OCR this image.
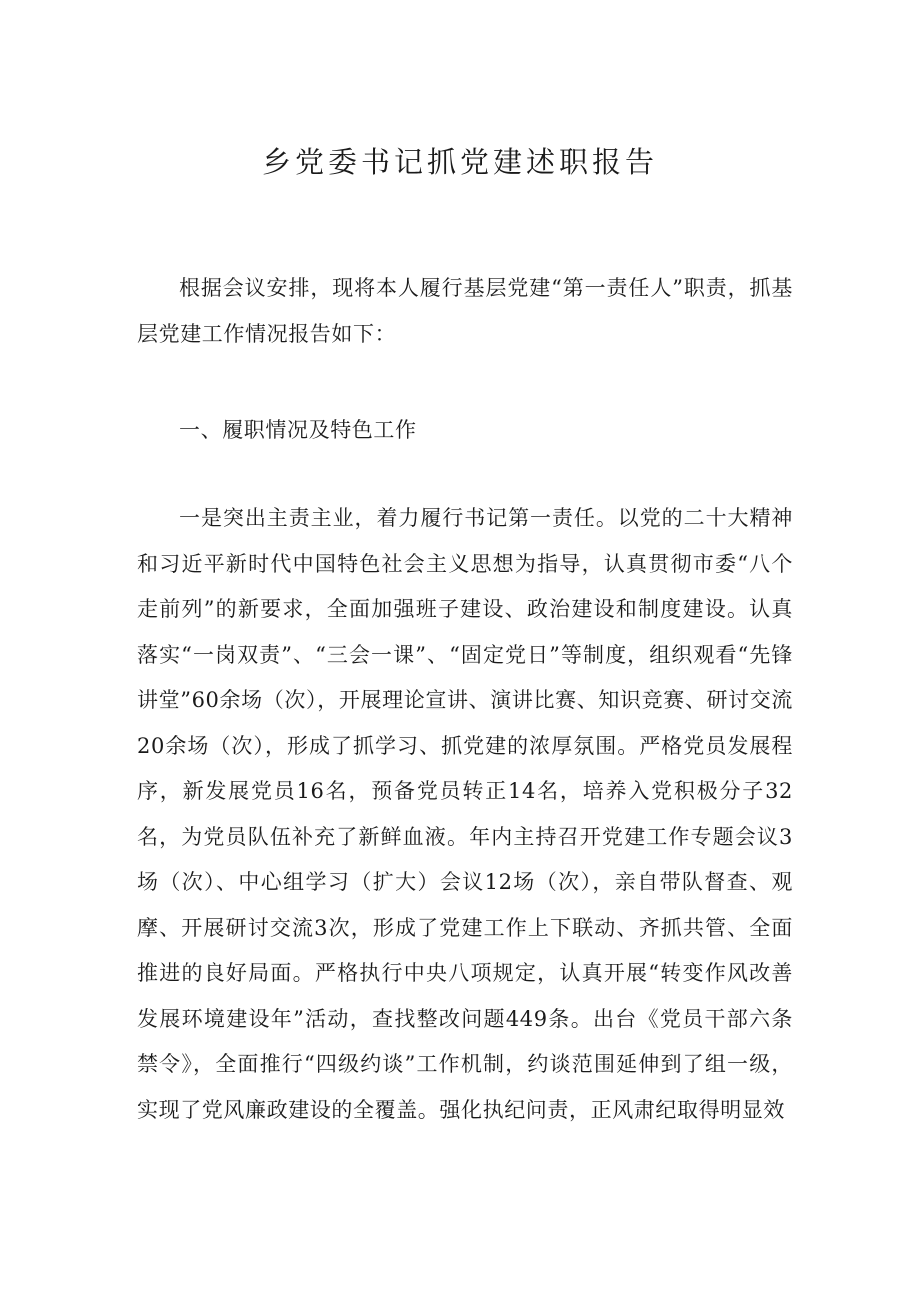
乡党委书记抓党建述职报告

根据会议安排，现将本人履行基层党建“第一责任人”职责，抓基层党建工作情况报告如下：

一、履职情况及特色工作

一是突出主责主业，着力履行书记第一责任。以党的二十大精神和习近平新时代中国特色社会主义思想为指导，认真贯彻市委“八个走前列”的新要求，全面加强班子建设、政治建设和制度建设。认真落实“一岗双责”、“三会一课”、“固定党日”等制度，组织观看“先锋讲堂”60余场（次），开展理论宣讲、演讲比赛、知识竞赛、研讨交流20余场（次），形成了抓学习、抓党建的浓厚氛围。严格党员发展程序，新发展党员16名，预备党员转正14名，培养入党积极分子32名，为党员队伍补充了新鲜血液。年内主持召开党建工作专题会议3场（次）、中心组学习（扩大）会议12场（次），亲自带队督查、观摩、开展研讨交流3次，形成了党建工作上下联动、齐抓共管、全面推进的良好局面。严格执行中央八项规定，认真开展“转变作风改善发展环境建设年”活动，查找整改问题449条。出台《党员干部六条禁令》，全面推行“四级约谈”工作机制，约谈范围延伸到了组一级，实现了党风廉政建设的全覆盖。强化执纪问责，正风肃纪取得明显效
